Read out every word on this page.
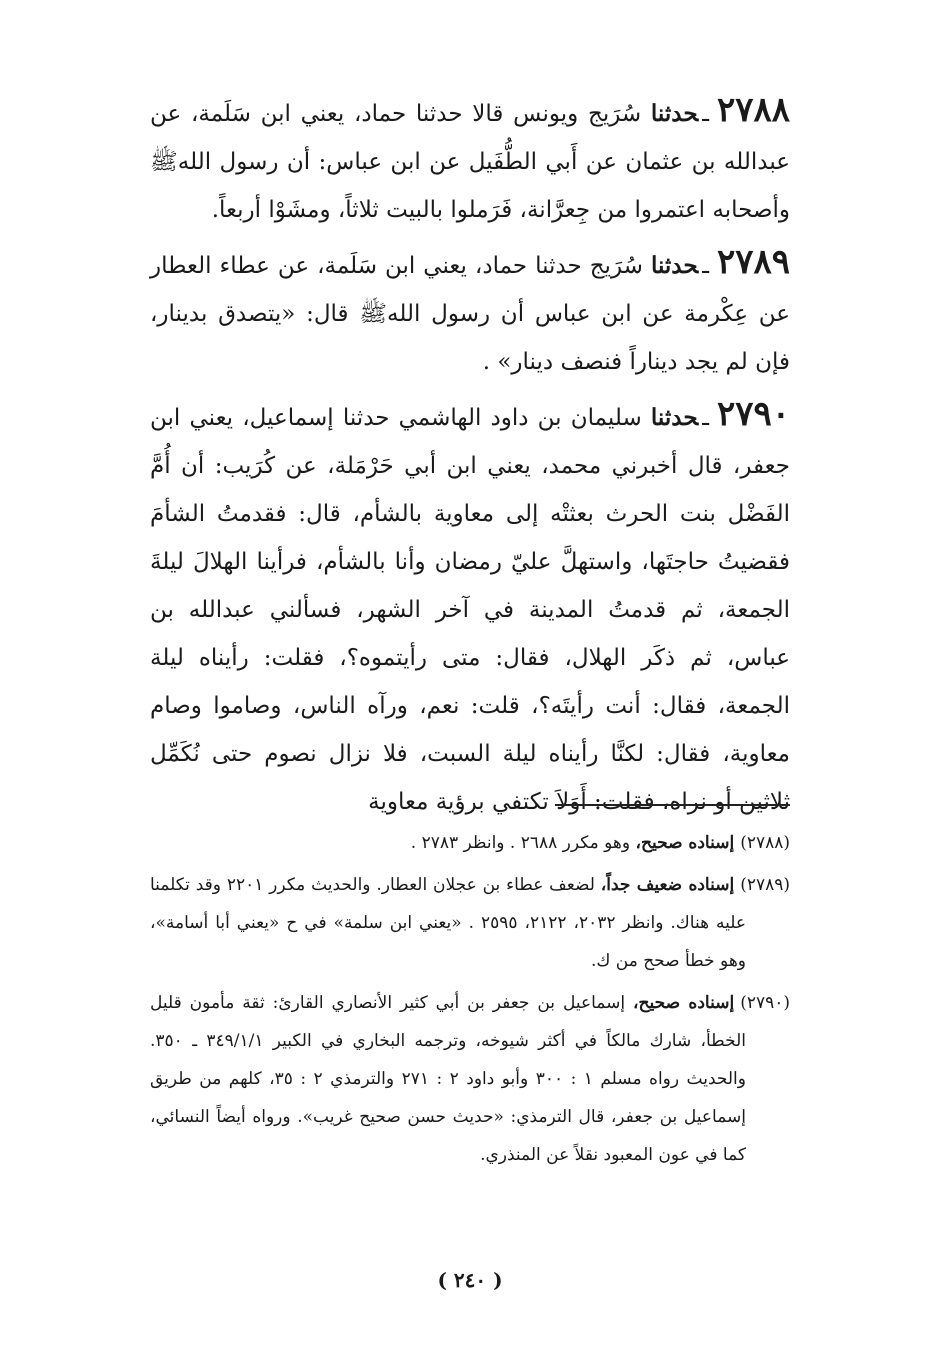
٢٧٨٨ـحدثنا سُرَيج ويونس قالا حدثنا حماد، يعني ابن سَلَمة، عن عبدالله بن عثمان عن أَبي الطُّفَيل عن ابن عباس: أن رسول اللهﷺ وأصحابه اعتمروا من جِعرَّانة، فَرَملوا بالبيت ثلاثاً، ومشَوْا أربعاً.

٢٧٨٩ـحدثنا سُرَيج حدثنا حماد، يعني ابن سَلَمة، عن عطاء العطار عن عِكْرمة عن ابن عباس أن رسول اللهﷺ قال: «يتصدق بدينار، فإن لم يجد ديناراً فنصف دينار» .

٢٧٩٠ـحدثنا سليمان بن داود الهاشمي حدثنا إسماعيل، يعني ابن جعفر، قال أخبرني محمد، يعني ابن أبي حَرْمَلة، عن كُرَيب: أن أُمَّ الفَضْل بنت الحرث بعثتْه إلى معاوية بالشأم، قال: فقدمتُ الشأمَ فقضيتُ حاجتَها، واستهلَّ عليّ رمضان وأنا بالشأم، فرأينا الهلالَ ليلةَ الجمعة، ثم قدمتُ المدينة في آخر الشهر، فسألني عبدالله بن عباس، ثم ذكَر الهلال، فقال: متى رأيتموه؟، فقلت: رأيناه ليلة الجمعة، فقال: أنت رأيتَه؟، قلت: نعم، ورآه الناس، وصاموا وصام معاوية، فقال: لكنَّا رأيناه ليلة السبت، فلا نزال نصوم حتى نُكَمِّل ثلاثين أو نراه، فقلت: أَوَلاَ تكتفي برؤية معاوية

(٢٧٨٨)إسناده صحيح، وهو مكرر ٢٦٨٨ . وانظر ٢٧٨٣ .

(٢٧٨٩)إسناده ضعيف جداً، لضعف عطاء بن عجلان العطار. والحديث مكرر ٢٢٠١ وقد تكلمنا عليه هناك. وانظر ٢٠٣٢، ٢١٢٢، ٢٥٩٥ . «يعني ابن سلمة» في ح «يعني أبا أسامة»، وهو خطأ صحح من ك.

(٢٧٩٠)إسناده صحيح، إسماعيل بن جعفر بن أبي كثير الأنصاري القارئ: ثقة مأمون قليل الخطأ، شارك مالكاً في أكثر شيوخه، وترجمه البخاري في الكبير ٣٤٩/١/١ ـ ٣٥٠. والحديث رواه مسلم ١ : ٣٠٠ وأبو داود ٢ : ٢٧١ والترمذي ٢ : ٣٥، كلهم من طريق إسماعيل بن جعفر، قال الترمذي: «حديث حسن صحيح غريب». ورواه أيضاً النسائي، كما في عون المعبود نقلاً عن المنذري.

( ٢٤٠ )
